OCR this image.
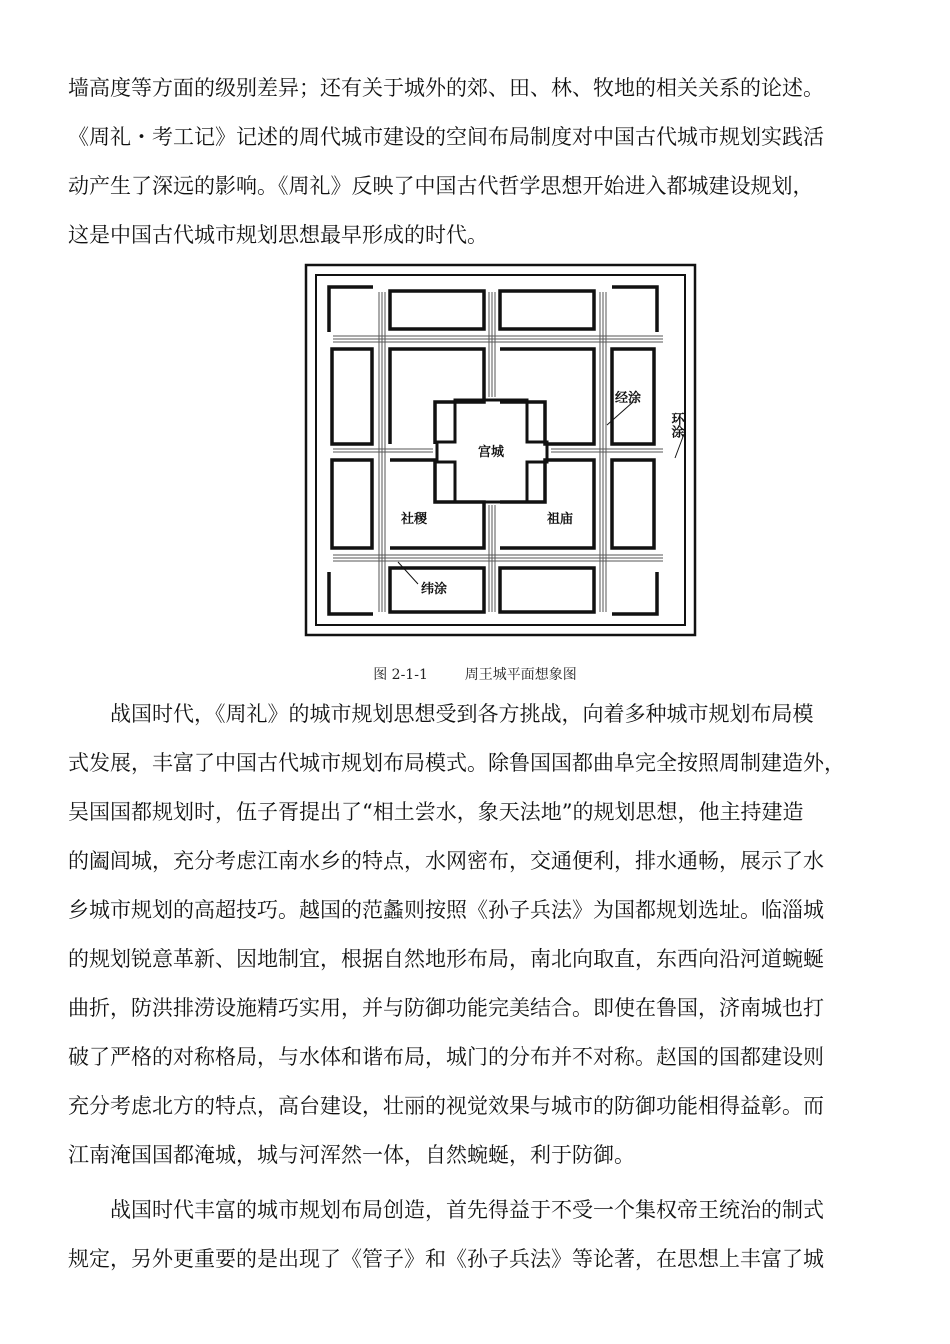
墙高度等方面的级别差异；还有关于城外的郊、田、林、牧地的相关关系的论述。
《周礼・考工记》记述的周代城市建设的空间布局制度对中国古代城市规划实践活
动产生了深远的影响。《周礼》反映了中国古代哲学思想开始进入都城建设规划，
这是中国古代城市规划思想最早形成的时代。
宫城
经涂
环涂
社稷	祖庙
纬涂
图 2-1-1	周王城平面想象图
　　战国时代，《周礼》的城市规划思想受到各方挑战，向着多种城市规划布局模
式发展，丰富了中国古代城市规划布局模式。除鲁国国都曲阜完全按照周制建造外，
吴国国都规划时，伍子胥提出了“相土尝水，象天法地”的规划思想，他主持建造
的阖闾城，充分考虑江南水乡的特点，水网密布，交通便利，排水通畅，展示了水
乡城市规划的高超技巧。越国的范蠡则按照《孙子兵法》为国都规划选址。临淄城
的规划锐意革新、因地制宜，根据自然地形布局，南北向取直，东西向沿河道蜿蜒
曲折，防洪排涝设施精巧实用，并与防御功能完美结合。即使在鲁国，济南城也打
破了严格的对称格局，与水体和谐布局，城门的分布并不对称。赵国的国都建设则
充分考虑北方的特点，高台建设，壮丽的视觉效果与城市的防御功能相得益彰。而
江南淹国国都淹城，城与河浑然一体，自然蜿蜒，利于防御。
　　战国时代丰富的城市规划布局创造，首先得益于不受一个集权帝王统治的制式
规定，另外更重要的是出现了《管子》和《孙子兵法》等论著，在思想上丰富了城
